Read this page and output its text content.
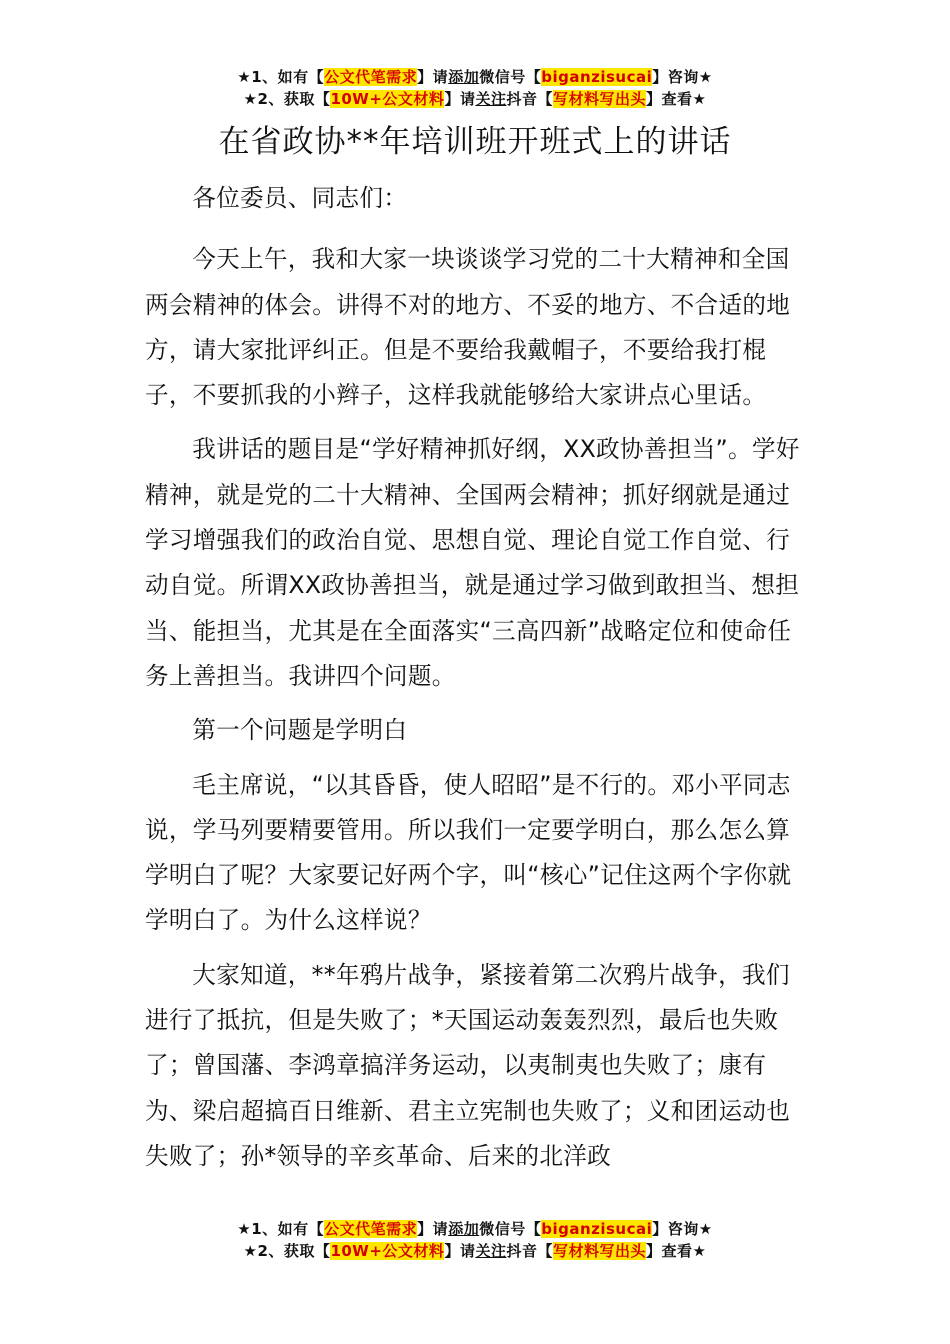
★1、如有【公文代笔需求】请添加微信号【biganzisucai】咨询★
★2、获取【10W+公文材料】请关注抖音【写材料写出头】查看★
在省政协**年培训班开班式上的讲话

各位委员、同志们：

今天上午，我和大家一块谈谈学习党的二十大精神和全国两会精神的体会。讲得不对的地方、不妥的地方、不合适的地方，请大家批评纠正。但是不要给我戴帽子，不要给我打棍子，不要抓我的小辫子，这样我就能够给大家讲点心里话。

我讲话的题目是“学好精神抓好纲，XX政协善担当”。学好精神，就是党的二十大精神、全国两会精神；抓好纲就是通过学习增强我们的政治自觉、思想自觉、理论自觉工作自觉、行动自觉。所谓XX政协善担当，就是通过学习做到敢担当、想担当、能担当，尤其是在全面落实“三高四新”战略定位和使命任务上善担当。我讲四个问题。

第一个问题是学明白

毛主席说，“以其昏昏，使人昭昭”是不行的。邓小平同志说，学马列要精要管用。所以我们一定要学明白，那么怎么算学明白了呢？大家要记好两个字，叫“核心”记住这两个字你就学明白了。为什么这样说？

大家知道，**年鸦片战争，紧接着第二次鸦片战争，我们进行了抵抗，但是失败了；*天国运动轰轰烈烈，最后也失败了；曾国藩、李鸿章搞洋务运动，以夷制夷也失败了；康有为、梁启超搞百日维新、君主立宪制也失败了；义和团运动也失败了；孙*领导的辛亥革命、后来的北洋政

★1、如有【公文代笔需求】请添加微信号【biganzisucai】咨询★
★2、获取【10W+公文材料】请关注抖音【写材料写出头】查看★
